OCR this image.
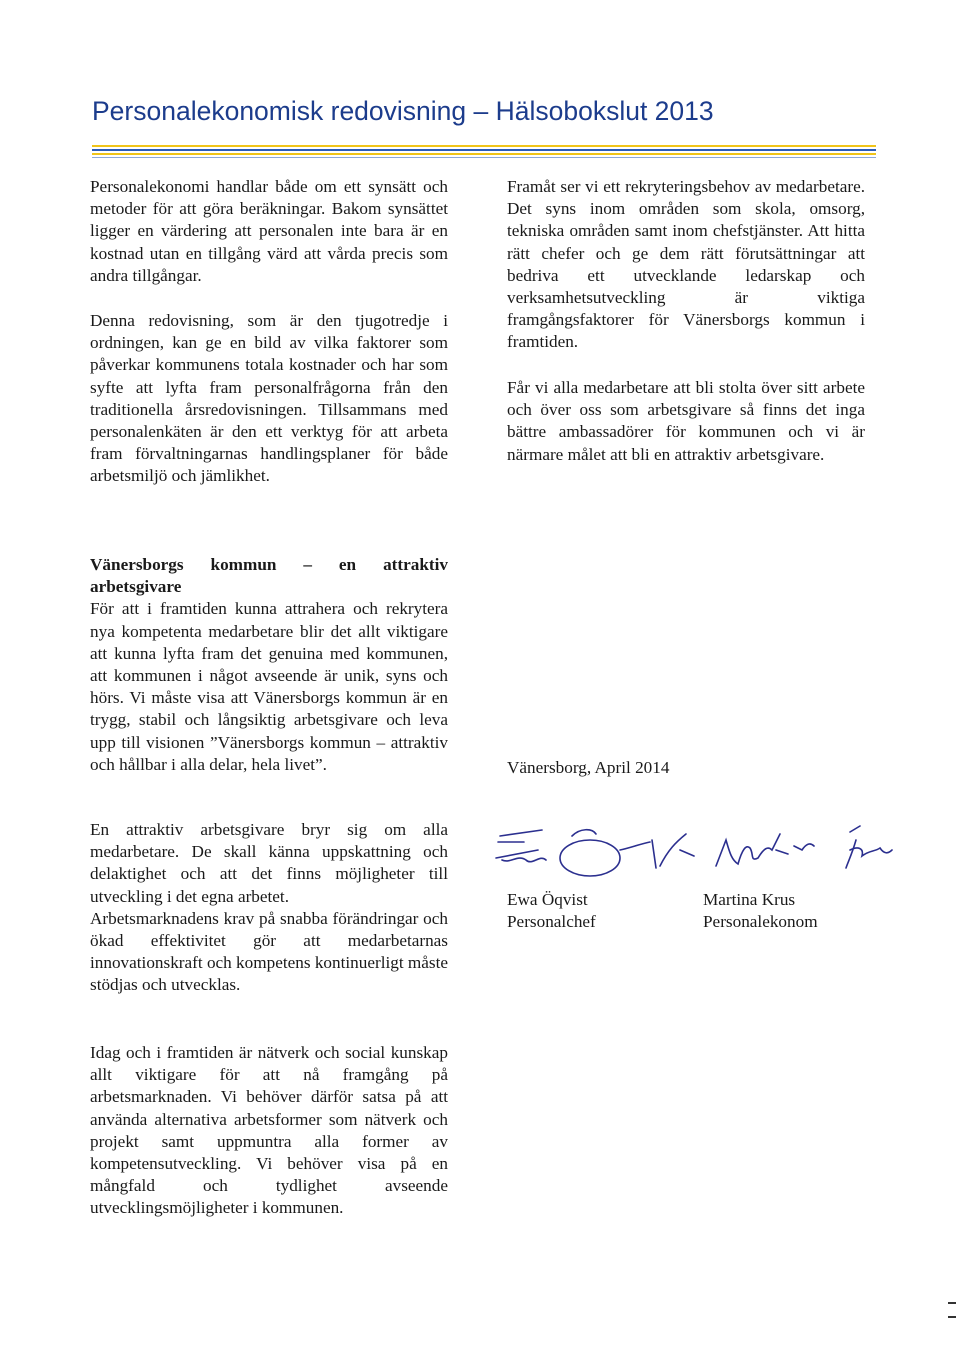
Personalekonomisk redovisning – Hälsobokslut 2013

Personalekonomi handlar både om ett synsätt och metoder för att göra beräkningar. Bakom synsättet ligger en värdering att personalen inte bara är en kostnad utan en tillgång värd att vårda precis som andra tillgångar.

Denna redovisning, som är den tjugotredje i ordningen, kan ge en bild av vilka faktorer som påverkar kommunens totala kostnader och har som syfte att lyfta fram personalfrågorna från den traditionella årsredovisningen. Tillsammans med personalenkäten är den ett verktyg för att arbeta fram förvaltningarnas handlingsplaner för både arbetsmiljö och jämlikhet.

Vänersborgs kommun – en attraktiv arbetsgivare

För att i framtiden kunna attrahera och rekrytera nya kompetenta medarbetare blir det allt viktigare att kunna lyfta fram det genuina med kommunen, att kommunen i något avseende är unik, syns och hörs. Vi måste visa att Vänersborgs kommun är en trygg, stabil och långsiktig arbetsgivare och leva upp till visionen ”Vänersborgs kommun – attraktiv och hållbar i alla delar, hela livet”.

En attraktiv arbetsgivare bryr sig om alla medarbetare. De skall känna uppskattning och delaktighet och att det finns möjligheter till utveckling i det egna arbetet.

Arbetsmarknadens krav på snabba förändringar och ökad effektivitet gör att medarbetarnas innovationskraft och kompetens kontinuerligt måste stödjas och utvecklas.

Idag och i framtiden är nätverk och social kunskap allt viktigare för att nå framgång på arbetsmarknaden. Vi behöver därför satsa på att använda alternativa arbetsformer som nätverk och projekt samt uppmuntra alla former av kompetensutveckling. Vi behöver visa på en mångfald och tydlighet avseende utvecklingsmöjligheter i kommunen.

Framåt ser vi ett rekryteringsbehov av medarbetare. Det syns inom områden som skola, omsorg, tekniska områden samt inom chefstjänster. Att hitta rätt chefer och ge dem rätt förutsättningar att bedriva ett utvecklande ledarskap och verksamhetsutveckling är viktiga framgångsfaktorer för Vänersborgs kommun i framtiden.

Får vi alla medarbetare att bli stolta över sitt arbete och över oss som arbetsgivare så finns det inga bättre ambassadörer för kommunen och vi är närmare målet att bli en attraktiv arbetsgivare.

Vänersborg, April 2014
Ewa Öqvist
Personalchef
Martina Krus
Personalekonom
